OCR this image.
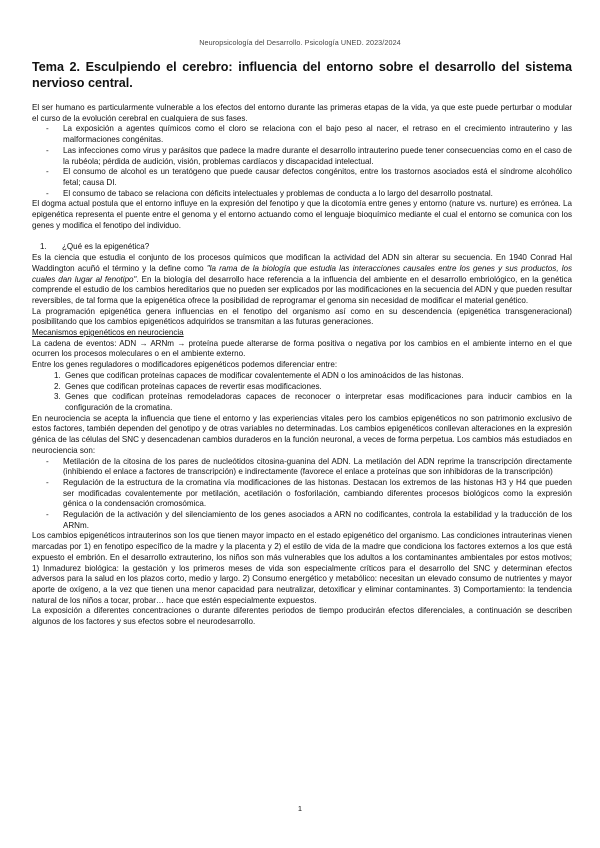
Neuropsicología del Desarrollo. Psicología UNED. 2023/2024
Tema 2. Esculpiendo el cerebro: influencia del entorno sobre el desarrollo del sistema nervioso central.

El ser humano es particularmente vulnerable a los efectos del entorno durante las primeras etapas de la vida, ya que este puede perturbar o modular el curso de la evolución cerebral en cualquiera de sus fases.

- La exposición a agentes químicos como el cloro se relaciona con el bajo peso al nacer, el retraso en el crecimiento intrauterino y las malformaciones congénitas.
- Las infecciones como virus y parásitos que padece la madre durante el desarrollo intrauterino puede tener consecuencias como en el caso de la rubéola; pérdida de audición, visión, problemas cardíacos y discapacidad intelectual.
- El consumo de alcohol es un teratógeno que puede causar defectos congénitos, entre los trastornos asociados está el síndrome alcohólico fetal; causa DI.
- El consumo de tabaco se relaciona con déficits intelectuales y problemas de conducta a lo largo del desarrollo postnatal.

El dogma actual postula que el entorno influye en la expresión del fenotipo y que la dicotomía entre genes y entorno (nature vs. nurture) es errónea. La epigenética representa el puente entre el genoma y el entorno actuando como el lenguaje bioquímico mediante el cual el entorno se comunica con los genes y modifica el fenotipo del individuo.

1. ¿Qué es la epigenética?

Es la ciencia que estudia el conjunto de los procesos químicos que modifican la actividad del ADN sin alterar su secuencia. En 1940 Conrad Hal Waddington acuñó el término y la define como "la rama de la biología que estudia las interacciones causales entre los genes y sus productos, los cuales dan lugar al fenotipo". En la biología del desarrollo hace referencia a la influencia del ambiente en el desarrollo embriológico, en la genética comprende el estudio de los cambios hereditarios que no pueden ser explicados por las modificaciones en la secuencia del ADN y que pueden resultar reversibles, de tal forma que la epigenética ofrece la posibilidad de reprogramar el genoma sin necesidad de modificar el material genético.

La programación epigenética genera influencias en el fenotipo del organismo así como en su descendencia (epigenética transgeneracional) posibilitando que los cambios epigenéticos adquiridos se transmitan a las futuras generaciones.

Mecanismos epigenéticos en neurociencia

La cadena de eventos: ADN → ARNm → proteína puede alterarse de forma positiva o negativa por los cambios en el ambiente interno en el que ocurren los procesos moleculares o en el ambiente externo.

Entre los genes reguladores o modificadores epigenéticos podemos diferenciar entre:

1. Genes que codifican proteínas capaces de modificar covalentemente el ADN o los aminoácidos de las histonas.
2. Genes que codifican proteínas capaces de revertir esas modificaciones.
3. Genes que codifican proteínas remodeladoras capaces de reconocer o interpretar esas modificaciones para inducir cambios en la configuración de la cromatina.

En neurociencia se acepta la influencia que tiene el entorno y las experiencias vitales pero los cambios epigenéticos no son patrimonio exclusivo de estos factores, también dependen del genotipo y de otras variables no determinadas. Los cambios epigenéticos conllevan alteraciones en la expresión génica de las células del SNC y desencadenan cambios duraderos en la función neuronal, a veces de forma perpetua. Los cambios más estudiados en neurociencia son:

- Metilación de la citosina de los pares de nucleótidos citosina-guanina del ADN. La metilación del ADN reprime la transcripción directamente (inhibiendo el enlace a factores de transcripción) e indirectamente (favorece el enlace a proteínas que son inhibidoras de la transcripción)
- Regulación de la estructura de la cromatina vía modificaciones de las histonas. Destacan los extremos de las histonas H3 y H4 que pueden ser modificadas covalentemente por metilación, acetilación o fosforilación, cambiando diferentes procesos biológicos como la expresión génica o la condensación cromosómica.
- Regulación de la activación y del silenciamiento de los genes asociados a ARN no codificantes, controla la estabilidad y la traducción de los ARNm.

Los cambios epigenéticos intrauterinos son los que tienen mayor impacto en el estado epigenético del organismo. Las condiciones intrauterinas vienen marcadas por 1) en fenotipo específico de la madre y la placenta y 2) el estilo de vida de la madre que condiciona los factores externos a los que está expuesto el embrión. En el desarrollo extrauterino, los niños son más vulnerables que los adultos a los contaminantes ambientales por estos motivos; 1) Inmadurez biológica: la gestación y los primeros meses de vida son especialmente críticos para el desarrollo del SNC y determinan efectos adversos para la salud en los plazos corto, medio y largo. 2) Consumo energético y metabólico: necesitan un elevado consumo de nutrientes y mayor aporte de oxígeno, a la vez que tienen una menor capacidad para neutralizar, detoxificar y eliminar contaminantes. 3) Comportamiento: la tendencia natural de los niños a tocar, probar… hace que estén especialmente expuestos.

La exposición a diferentes concentraciones o durante diferentes periodos de tiempo producirán efectos diferenciales, a continuación se describen algunos de los factores y sus efectos sobre el neurodesarrollo.

1
